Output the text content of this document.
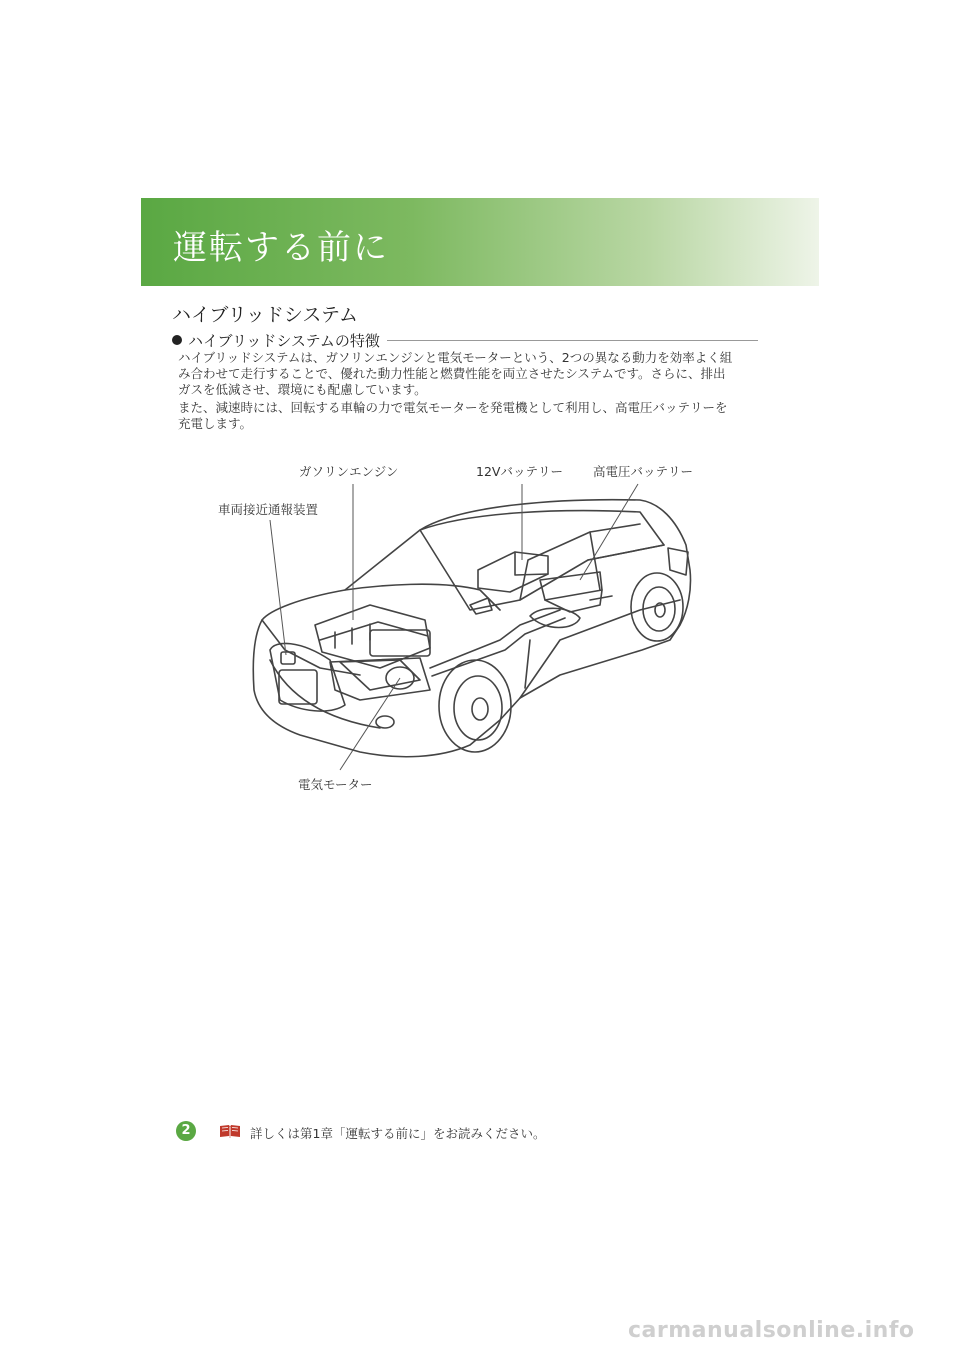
運転する前に
ハイブリッドシステム
ハイブリッドシステムの特徴

ハイブリッドシステムは、ガソリンエンジンと電気モーターという、2つの異なる動力を効率よく組

み合わせて走行することで、優れた動力性能と燃費性能を両立させたシステムです。さらに、排出

ガスを低減させ、環境にも配慮しています。

また、減速時には、回転する車輪の力で電気モーターを発電機として利用し、高電圧バッテリーを

充電します。

ガソリンエンジン	12Vバッテリー 高電圧バッテリー
車両接近通報装置
電気モーター
2	詳しくは第1章「運転する前に」をお読みください。
carmanualsonline.info
